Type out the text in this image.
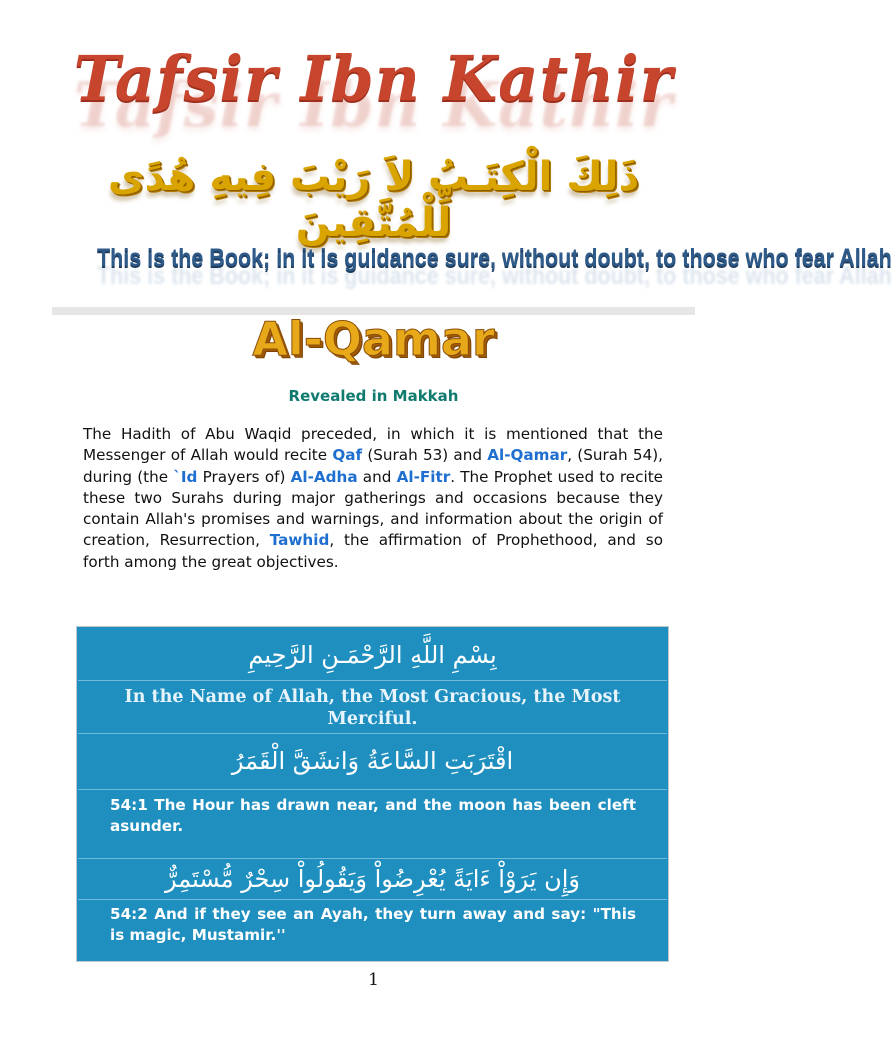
Tafsir Ibn Kathir
ذَلِكَ الْكِتَـبُ لاَ رَيْبَ فِيهِ هُدًى لِّلْمُتَّقِينَ
This is the Book; in it is guidance sure, without doubt, to those who fear Allah
Al-Qamar
Revealed in Makkah
The Hadith of Abu Waqid preceded, in which it is mentioned that the Messenger of Allah would recite Qaf (Surah 53) and Al-Qamar, (Surah 54), during (the `Id Prayers of) Al-Adha and Al-Fitr. The Prophet used to recite these two Surahs during major gatherings and occasions because they contain Allah's promises and warnings, and information about the origin of creation, Resurrection, Tawhid, the affirmation of Prophethood, and so forth among the great objectives.
بِسْمِ اللَّهِ الرَّحْمَـنِ الرَّحِيمِ
In the Name of Allah, the Most Gracious, the Most Merciful.
اقْتَرَبَتِ السَّاعَةُ وَانشَقَّ الْقَمَرُ
54:1 The Hour has drawn near, and the moon has been cleft asunder.
وَإِن يَرَوْاْ ءَايَةً يُعْرِضُواْ وَيَقُولُواْ سِحْرٌ مُّسْتَمِرٌّ
54:2 And if they see an Ayah, they turn away and say: "This is magic, Mustamir.''
1
